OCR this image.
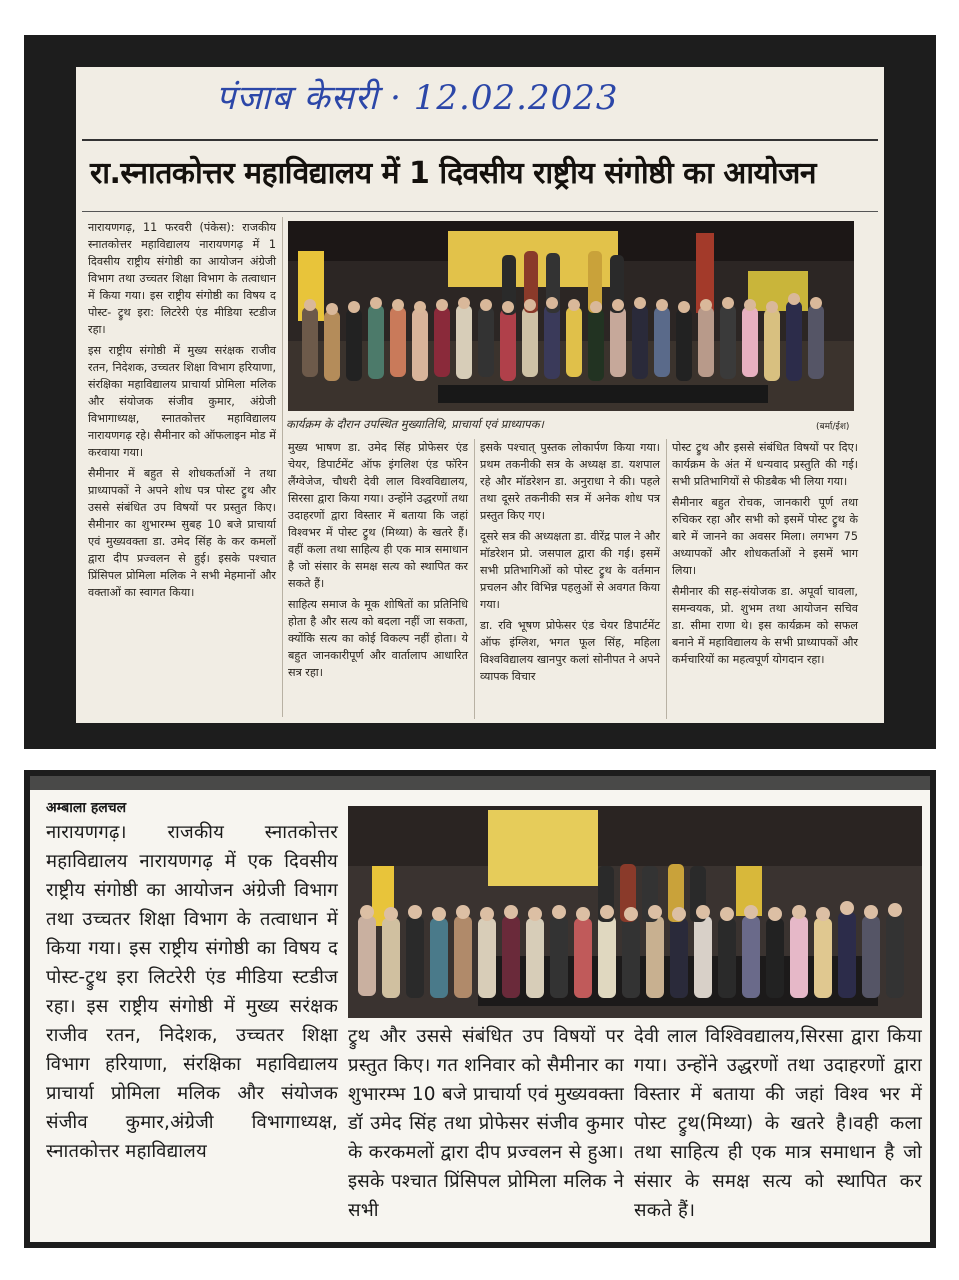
पंजाब केसरी · 12.02.2023
रा.स्नातकोत्तर महाविद्यालय में 1 दिवसीय राष्ट्रीय संगोष्ठी का आयोजन

नारायणगढ़, 11 फरवरी (पंकेस): राजकीय स्नातकोत्तर महाविद्यालय नारायणगढ़ में 1 दिवसीय राष्ट्रीय संगोष्ठी का आयोजन अंग्रेजी विभाग तथा उच्चतर शिक्षा विभाग के तत्वाधान में किया गया। इस राष्ट्रीय संगोष्ठी का विषय द पोस्ट- ट्रुथ इरा: लिटरेरी एंड मीडिया स्टडीज रहा।

इस राष्ट्रीय संगोष्ठी में मुख्य सरंक्षक राजीव रतन, निदेशक, उच्चतर शिक्षा विभाग हरियाणा, संरक्षिका महाविद्यालय प्राचार्या प्रोमिला मलिक और संयोजक संजीव कुमार, अंग्रेजी विभागाध्यक्ष, स्नातकोत्तर महाविद्यालय नारायणगढ़ रहे। सैमीनार को ऑफलाइन मोड में करवाया गया।

सैमीनार में बहुत से शोधकर्ताओं ने तथा प्राध्यापकों ने अपने शोध पत्र पोस्ट ट्रुथ और उससे संबंधित उप विषयों पर प्रस्तुत किए। सैमीनार का शुभारम्भ सुबह 10 बजे प्राचार्या एवं मुख्यवक्ता डा. उमेद सिंह के कर कमलों द्वारा दीप प्रज्वलन से हुई। इसके पश्चात प्रिंसिपल प्रोमिला मलिक ने सभी मेहमानों और वक्ताओं का स्वागत किया।

कार्यक्रम के दौरान उपस्थित मुख्यातिथि, प्राचार्या एवं प्राध्यापक।	(बर्मा/ईश)

मुख्य भाषण डा. उमेद सिंह प्रोफेसर एंड चेयर, डिपार्टमेंट ऑफ इंगलिश एंड फॉरेन लैंग्वेजेज, चौधरी देवी लाल विश्वविद्यालय, सिरसा द्वारा किया गया। उन्होंने उद्धरणों तथा उदाहरणों द्वारा विस्तार में बताया कि जहां विश्वभर में पोस्ट ट्रुथ (मिथ्या) के खतरे हैं। वहीं कला तथा साहित्य ही एक मात्र समाधान है जो संसार के समक्ष सत्य को स्थापित कर सकते हैं।

साहित्य समाज के मूक शोषितों का प्रतिनिधि होता है और सत्य को बदला नहीं जा सकता, क्योंकि सत्य का कोई विकल्प नहीं होता। ये बहुत जानकारीपूर्ण और वार्तालाप आधारित सत्र रहा।

इसके पश्चात् पुस्तक लोकार्पण किया गया। प्रथम तकनीकी सत्र के अध्यक्ष डा. यशपाल रहे और मॉडरेशन डा. अनुराधा ने की। पहले तथा दूसरे तकनीकी सत्र में अनेक शोध पत्र प्रस्तुत किए गए।

दूसरे सत्र की अध्यक्षता डा. वीरेंद्र पाल ने और मॉडरेशन प्रो. जसपाल द्वारा की गई। इसमें सभी प्रतिभागिओं को पोस्ट ट्रुथ के वर्तमान प्रचलन और विभिन्न पहलुओं से अवगत किया गया।

डा. रवि भूषण प्रोफेसर एंड चेयर डिपार्टमेंट ऑफ इंग्लिश, भगत फूल सिंह, महिला विश्वविद्यालय खानपुर कलां सोनीपत ने अपने व्यापक विचार

पोस्ट ट्रुथ और इससे संबंधित विषयों पर दिए। कार्यक्रम के अंत में धन्यवाद प्रस्तुति की गई। सभी प्रतिभागियों से फीडबैक भी लिया गया।

सैमीनार बहुत रोचक, जानकारी पूर्ण तथा रुचिकर रहा और सभी को इसमें पोस्ट ट्रुथ के बारे में जानने का अवसर मिला। लगभग 75 अध्यापकों और शोधकर्ताओं ने इसमें भाग लिया।

सैमीनार की सह-संयोजक डा. अपूर्वा चावला, समन्वयक, प्रो. शुभम तथा आयोजन सचिव डा. सीमा राणा थे। इस कार्यक्रम को सफल बनाने में महाविद्यालय के सभी प्राध्यापकों और कर्मचारियों का महत्वपूर्ण योगदान रहा।

अम्बाला हलचल

नारायणगढ़। राजकीय स्नातकोत्तर महाविद्यालय नारायणगढ़ में एक दिवसीय राष्ट्रीय संगोष्ठी का आयोजन अंग्रेजी विभाग तथा उच्चतर शिक्षा विभाग के तत्वाधान में किया गया। इस राष्ट्रीय संगोष्ठी का विषय द पोस्ट-ट्रुथ इरा लिटरेरी एंड मीडिया स्टडीज रहा। इस राष्ट्रीय संगोष्ठी में मुख्य सरंक्षक राजीव रतन, निदेशक, उच्चतर शिक्षा विभाग हरियाणा, संरक्षिका महाविद्यालय प्राचार्या प्रोमिला मलिक और संयोजक संजीव कुमार,अंग्रेजी विभागाध्यक्ष, स्नातकोत्तर महाविद्यालय

ट्रुथ और उससे संबंधित उप विषयों पर प्रस्तुत किए। गत शनिवार को सैमीनार का शुभारम्भ 10 बजे प्राचार्या एवं मुख्यवक्ता डॉ उमेद सिंह तथा प्रोफेसर संजीव कुमार के करकमलों द्वारा दीप प्रज्वलन से हुआ। इसके पश्चात प्रिंसिपल प्रोमिला मलिक ने सभी

देवी लाल विश्विवद्यालय,सिरसा द्वारा किया गया। उन्होंने उद्धरणों तथा उदाहरणों द्वारा विस्तार में बताया की जहां विश्व भर में पोस्ट ट्रुथ(मिथ्या) के खतरे है।वही कला तथा साहित्य ही एक मात्र समाधान है जो संसार के समक्ष सत्य को स्थापित कर सकते हैं।
